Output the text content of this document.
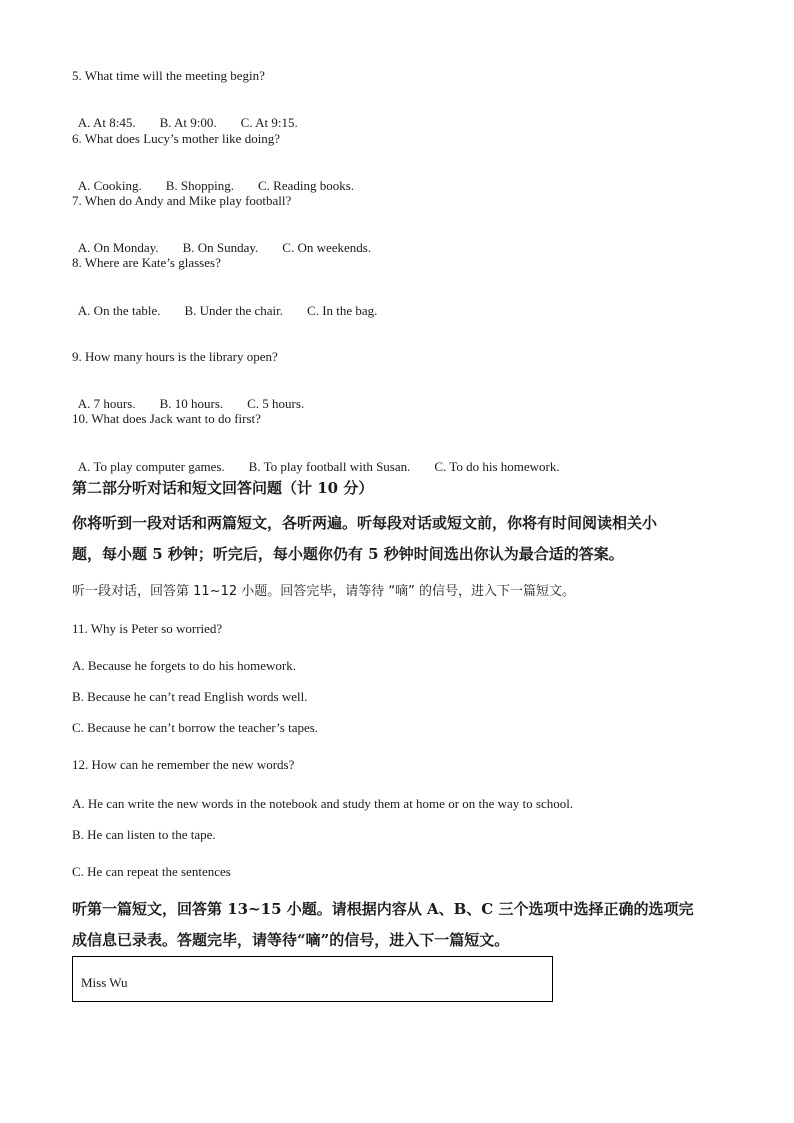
5. What time will the meeting begin?

A. At 8:45. B. At 9:00. C. At 9:15.

6. What does Lucy’s mother like doing?

A. Cooking. B. Shopping. C. Reading books.

7. When do Andy and Mike play football?

A. On Monday. B. On Sunday. C. On weekends.

8. Where are Kate’s glasses?

A. On the table. B. Under the chair. C. In the bag.

9. How many hours is the library open?

A. 7 hours. B. 10 hours. C. 5 hours.

10. What does Jack want to do first?

A. To play computer games. B. To play football with Susan. C. To do his homework.

第二部分听对话和短文回答问题（计 10 分）
你将听到一段对话和两篇短文，各听两遍。听每段对话或短文前，你将有时间阅读相关小
题，每小题 5 秒钟；听完后，每小题你仍有 5 秒钟时间选出你认为最合适的答案。
听一段对话，回答第 11~12 小题。回答完毕，请等待 “嘀” 的信号，进入下一篇短文。
11. Why is Peter so worried?
A. Because he forgets to do his homework.
B. Because he can’t read English words well.
C. Because he can’t borrow the teacher’s tapes.
12. How can he remember the new words?
A. He can write the new words in the notebook and study them at home or on the way to school.
B. He can listen to the tape.
C. He can repeat the sentences
听第一篇短文，回答第 13~15 小题。请根据内容从 A、B、C 三个选项中选择正确的选项完
成信息已录表。答题完毕，请等待“嘀”的信号，进入下一篇短文。
Miss Wu
